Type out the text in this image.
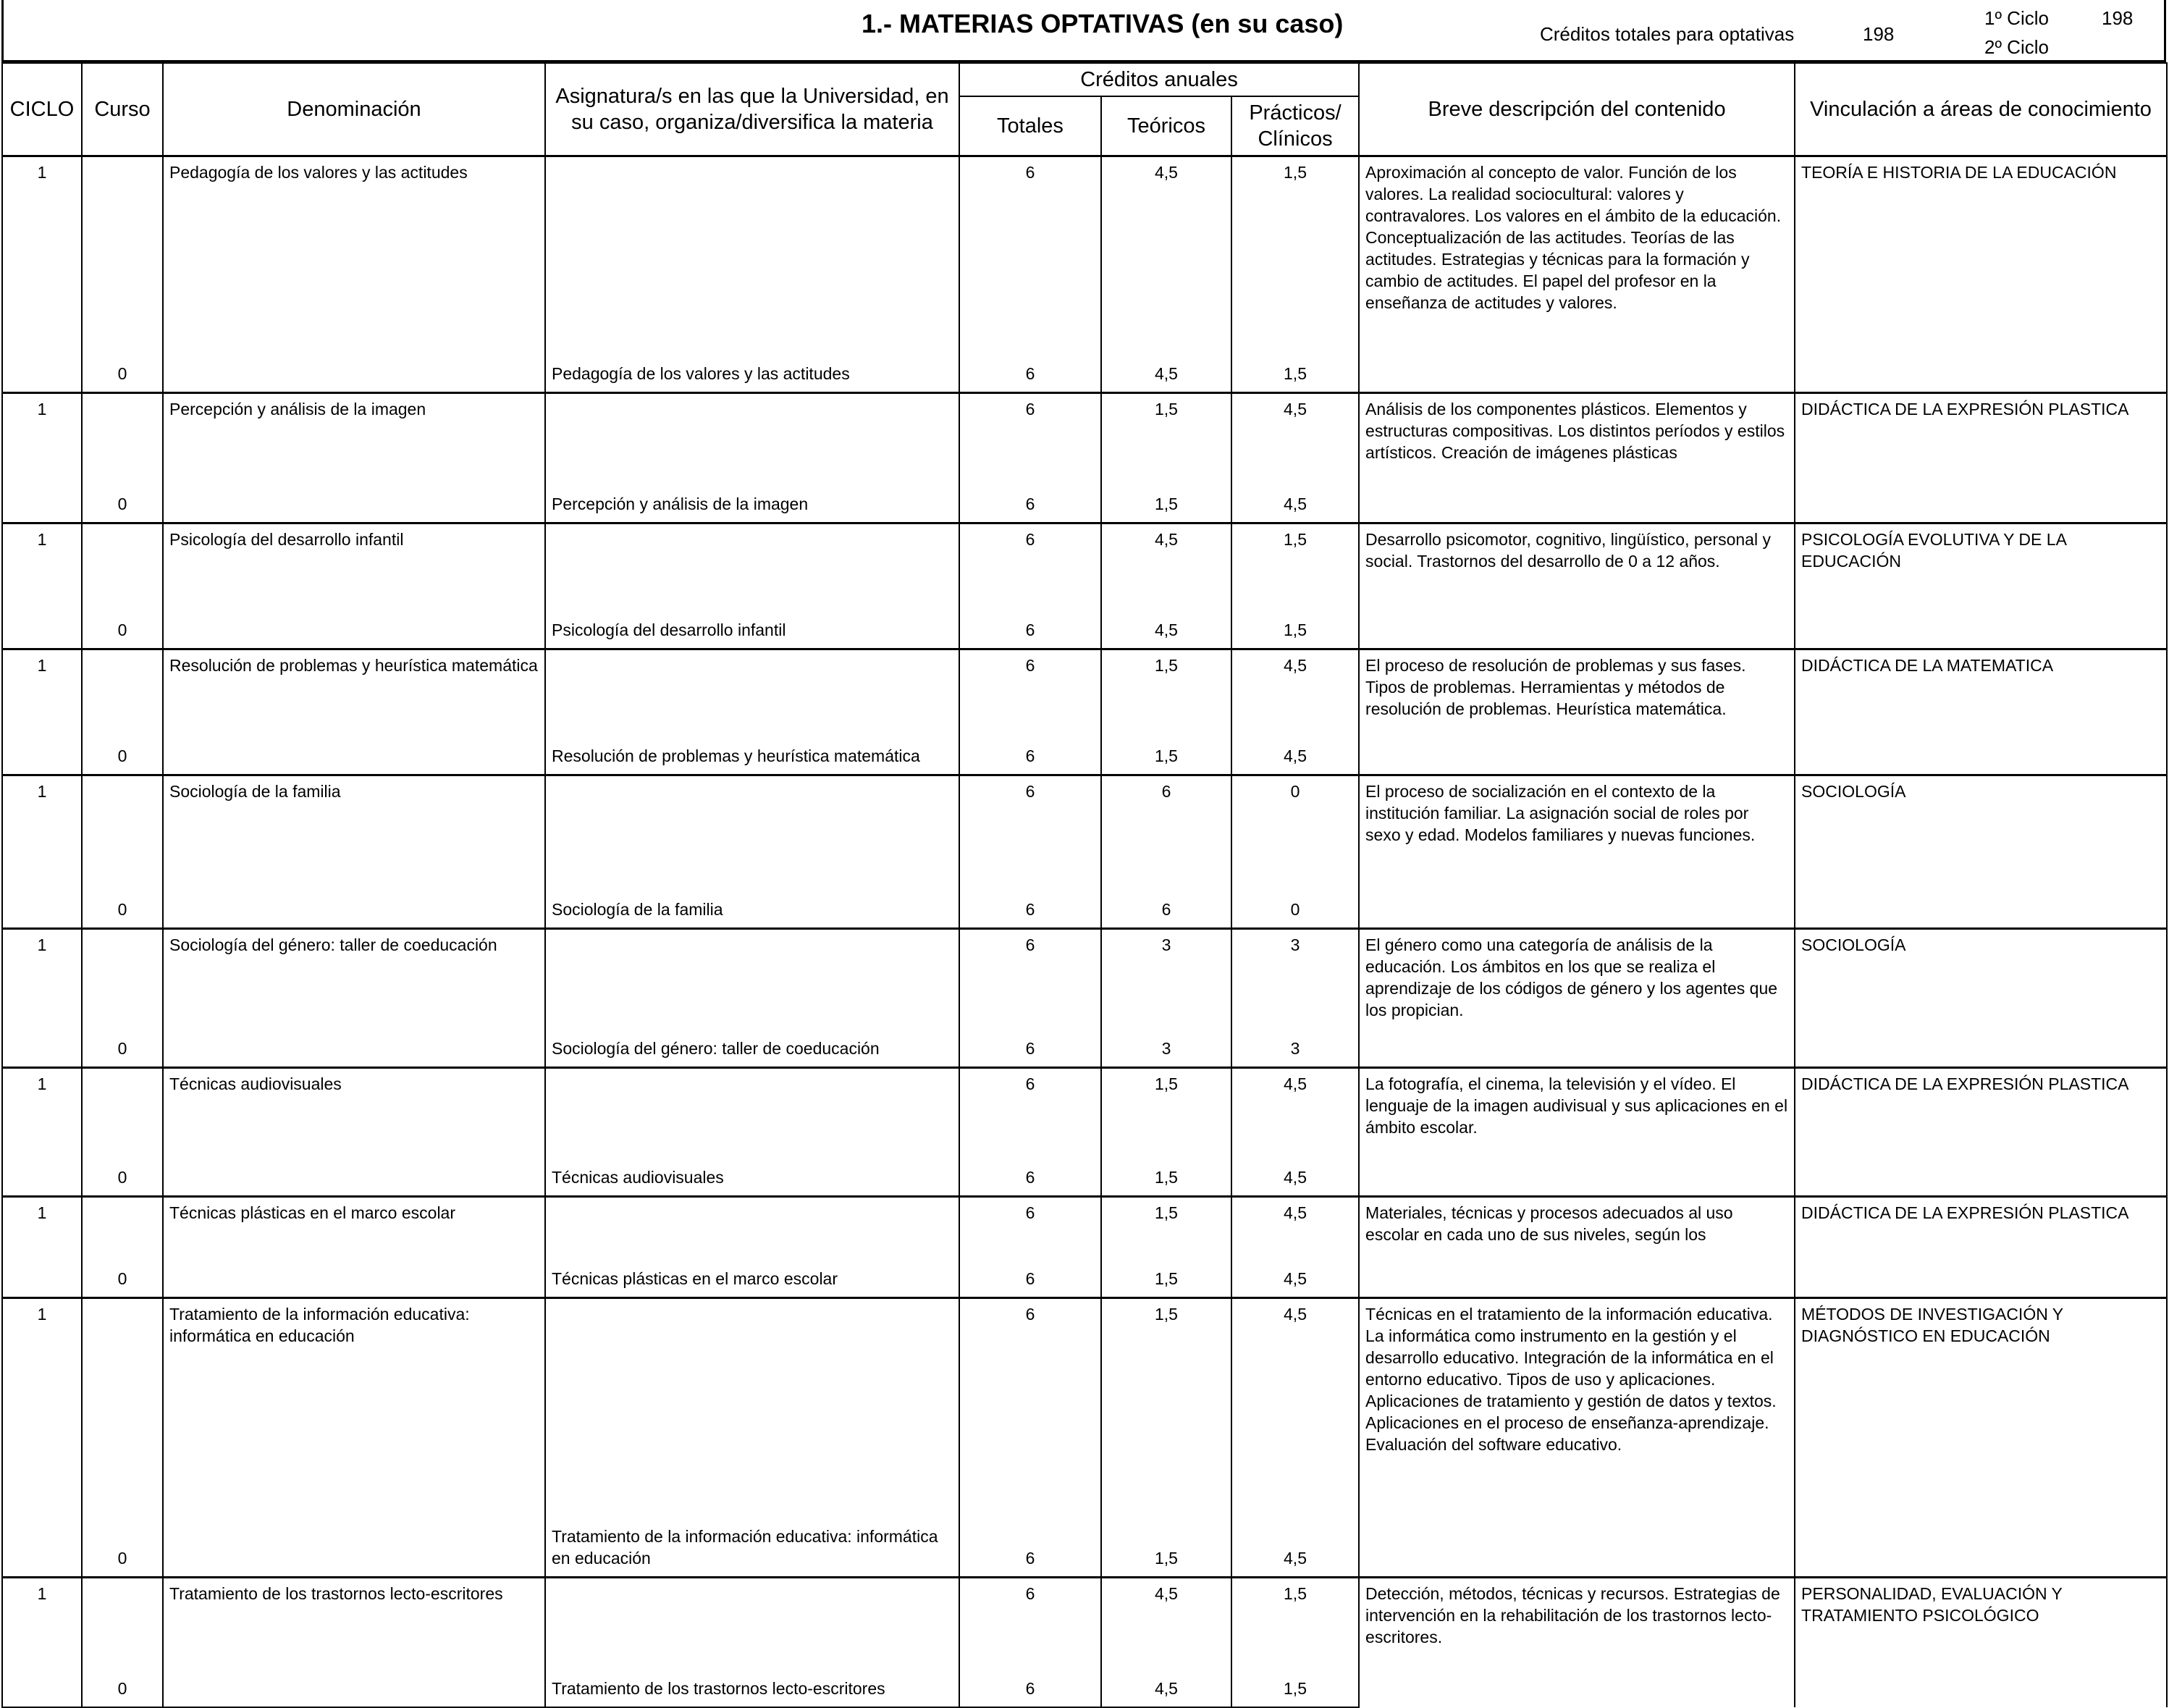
1.- MATERIAS OPTATIVAS (en su caso)	Créditos totales para optativas	198
1º Ciclo	198
2º Ciclo
CICLO	Curso	Denominación	Asignatura/s en las que la Universidad, en su caso, organiza/diversifica la materia	Créditos anuales			Breve descripción del contenido	Vinculación a áreas de conocimiento
				Totales	Teóricos	Prácticos/ Clínicos		
1		Pedagogía de los valores y las actitudes		6	4,5	1,5	Aproximación al concepto de valor. Función de los valores. La realidad sociocultural: valores y contravalores. Los valores en el ámbito de la educación. Conceptualización de las actitudes. Teorías de las actitudes. Estrategias y técnicas para la formación y cambio de actitudes. El papel del profesor en la enseñanza de actitudes y valores.	TEORÍA E HISTORIA DE LA EDUCACIÓN
	0		Pedagogía de los valores y las actitudes	6	4,5	1,5		
1		Percepción y análisis de la imagen		6	1,5	4,5	Análisis de los componentes plásticos. Elementos y estructuras compositivas. Los distintos períodos y estilos artísticos. Creación de imágenes plásticas	DIDÁCTICA DE LA EXPRESIÓN PLASTICA
	0		Percepción y análisis de la imagen	6	1,5	4,5		
1		Psicología del desarrollo infantil		6	4,5	1,5	Desarrollo psicomotor, cognitivo, lingüístico, personal y social. Trastornos del desarrollo de 0 a 12 años.	PSICOLOGÍA EVOLUTIVA Y DE LA EDUCACIÓN
	0		Psicología del desarrollo infantil	6	4,5	1,5		
1		Resolución de problemas y heurística matemática		6	1,5	4,5	El proceso de resolución de problemas y sus fases. Tipos de problemas. Herramientas y métodos de resolución de problemas. Heurística matemática.	DIDÁCTICA DE LA MATEMATICA
	0		Resolución de problemas y heurística matemática	6	1,5	4,5		
1		Sociología de la familia		6	6	0	El proceso de socialización en el contexto de la institución familiar. La asignación social de roles por sexo y edad. Modelos familiares y nuevas funciones.	SOCIOLOGÍA
	0		Sociología de la familia	6	6	0		
1		Sociología del género: taller de coeducación		6	3	3	El género como una categoría de análisis de la educación. Los ámbitos en los que se realiza el aprendizaje de los códigos de género y los agentes que los propician.	SOCIOLOGÍA
	0		Sociología del género: taller de coeducación	6	3	3		
1		Técnicas audiovisuales		6	1,5	4,5	La fotografía, el cinema, la televisión y el vídeo. El lenguaje de la imagen audivisual y sus aplicaciones en el ámbito escolar.	DIDÁCTICA DE LA EXPRESIÓN PLASTICA
	0		Técnicas audiovisuales	6	1,5	4,5		
1		Técnicas plásticas en el marco escolar		6	1,5	4,5	Materiales, técnicas y procesos adecuados al uso escolar en cada uno de sus niveles, según los	DIDÁCTICA DE LA EXPRESIÓN PLASTICA
	0		Técnicas plásticas en el marco escolar	6	1,5	4,5		
1		Tratamiento de la información educativa: informática en educación		6	1,5	4,5	Técnicas en el tratamiento de la información educativa. La informática como instrumento en la gestión y el desarrollo educativo. Integración de la informática en el entorno educativo. Tipos de uso y aplicaciones. Aplicaciones de tratamiento y gestión de datos y textos. Aplicaciones en el proceso de enseñanza-aprendizaje. Evaluación del software educativo.	MÉTODOS DE INVESTIGACIÓN Y DIAGNÓSTICO EN EDUCACIÓN
	0		Tratamiento de la información educativa: informática en educación	6	1,5	4,5		
1		Tratamiento de los trastornos lecto-escritores		6	4,5	1,5	Detección, métodos, técnicas y recursos. Estrategias de intervención en la rehabilitación de los trastornos lecto-escritores.	PERSONALIDAD, EVALUACIÓN Y TRATAMIENTO PSICOLÓGICO
	0		Tratamiento de los trastornos lecto-escritores	6	4,5	1,5		
